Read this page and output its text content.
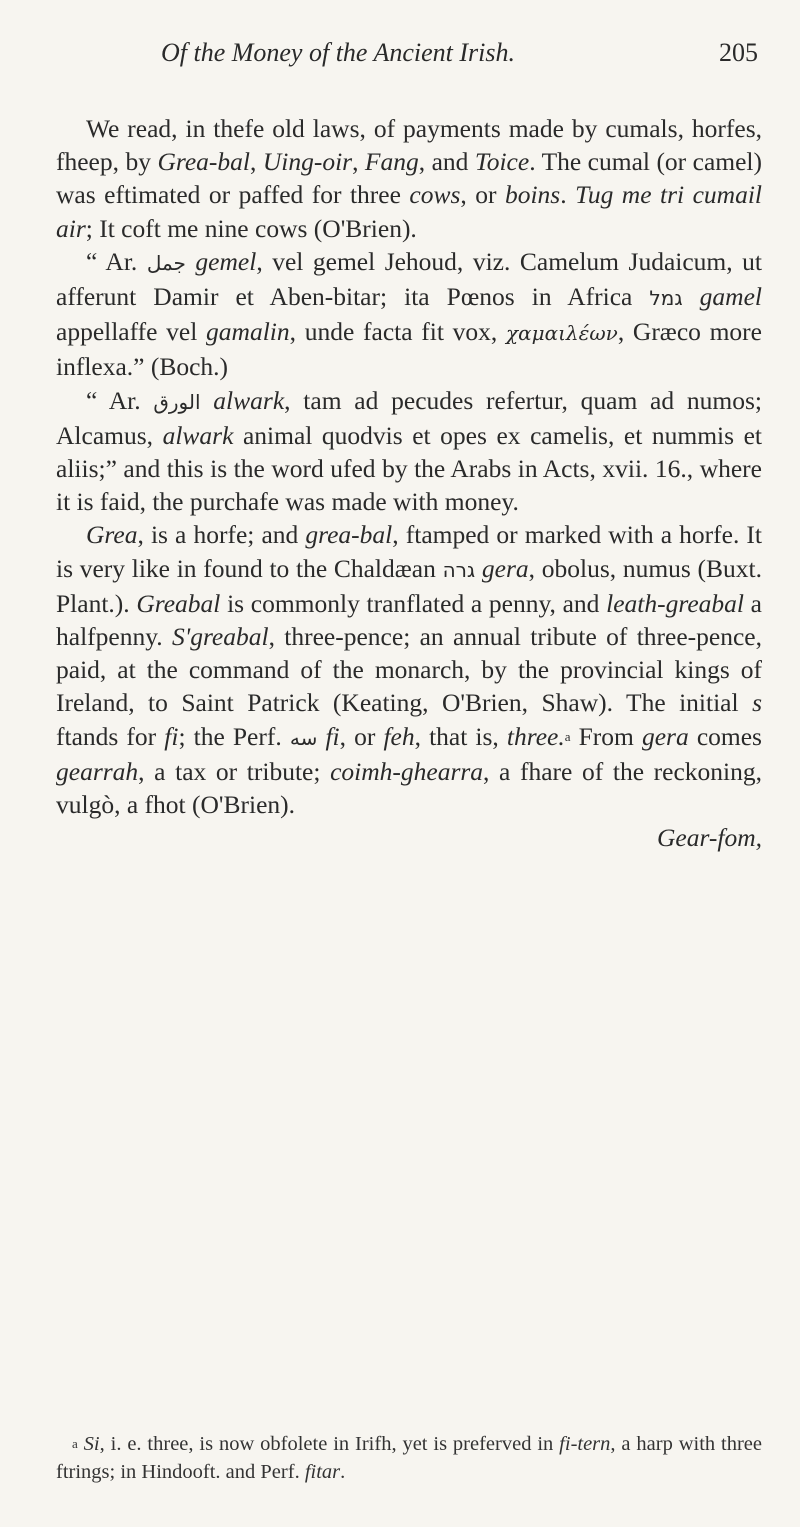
Of the Money of the Ancient Irish.	205

We read, in thefe old laws, of payments made by cumals, horfes, fheep, by Grea-bal, Uing-oir, Fang, and Toice. The cumal (or camel) was eftimated or paffed for three cows, or boins. Tug me tri cumail air; It coft me nine cows (O'Brien).

“ Ar. جمل gemel, vel gemel Jehoud, viz. Camelum Judaicum, ut afferunt Damir et Aben-bitar; ita Pœnos in Africa גמל gamel appellaffe vel gamalin, unde facta fit vox, χαμαιλέων, Græco more inflexa.” (Boch.)

“ Ar. الورق alwark, tam ad pecudes refertur, quam ad numos; Alcamus, alwark animal quodvis et opes ex camelis, et nummis et aliis;” and this is the word ufed by the Arabs in Acts, xvii. 16., where it is faid, the purchafe was made with money.

Grea, is a horfe; and grea-bal, ftamped or marked with a horfe. It is very like in found to the Chaldæan גרה gera, obolus, numus (Buxt. Plant.). Greabal is commonly tranflated a penny, and leath-greabal a halfpenny. S'greabal, three-pence; an annual tribute of three-pence, paid, at the command of the monarch, by the provincial kings of Ireland, to Saint Patrick (Keating, O'Brien, Shaw). The initial s ftands for fi; the Perf. سه fi, or feh, that is, three.$^a$ From gera comes gearrah, a tax or tribute; coimh-ghearra, a fhare of the reckoning, vulgò, a fhot (O'Brien).

Gear-fom,

$^a$ Si, i. e. three, is now obfolete in Irifh, yet is preferved in fi-tern, a harp with three ftrings; in Hindooft. and Perf. fitar.
